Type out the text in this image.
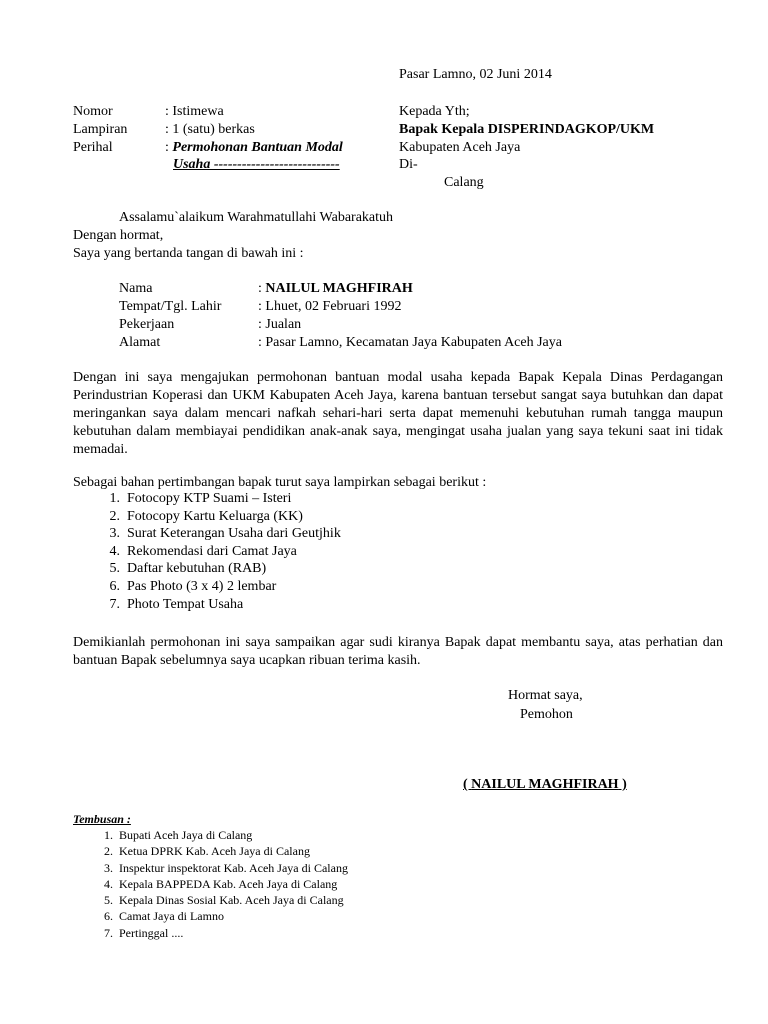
Pasar Lamno, 02 Juni 2014
Nomor	: Istimewa
Lampiran	: 1 (satu) berkas
Perihal	: Permohonan Bantuan Modal
Usaha ---------------------------
Kepada Yth;
Bapak Kepala DISPERINDAGKOP/UKM
Kabupaten Aceh Jaya
Di-
Calang
Assalamu`alaikum Warahmatullahi Wabarakatuh
Dengan hormat,
Saya yang bertanda tangan di bawah ini :
Nama	: NAILUL MAGHFIRAH
Tempat/Tgl. Lahir	: Lhuet, 02 Februari 1992
Pekerjaan	: Jualan
Alamat	: Pasar Lamno, Kecamatan Jaya Kabupaten Aceh Jaya
Dengan ini saya mengajukan permohonan bantuan modal usaha kepada Bapak Kepala Dinas Perdagangan Perindustrian Koperasi dan UKM Kabupaten Aceh Jaya, karena bantuan tersebut sangat saya butuhkan dan dapat meringankan saya dalam mencari nafkah sehari-hari serta dapat memenuhi kebutuhan rumah tangga maupun kebutuhan dalam membiayai pendidikan anak-anak saya, mengingat usaha jualan yang saya tekuni saat ini tidak memadai.
Sebagai bahan pertimbangan bapak turut saya lampirkan sebagai berikut :
1. Fotocopy KTP Suami – Isteri
2. Fotocopy Kartu Keluarga (KK)
3. Surat Keterangan Usaha dari Geutjhik
4. Rekomendasi dari Camat Jaya
5. Daftar kebutuhan (RAB)
6. Pas Photo (3 x 4) 2 lembar
7. Photo Tempat Usaha
Demikianlah permohonan ini saya sampaikan agar sudi kiranya Bapak dapat membantu saya, atas perhatian dan bantuan Bapak sebelumnya saya ucapkan ribuan terima kasih.
Hormat saya,
Pemohon
( NAILUL MAGHFIRAH )
Tembusan :
1. Bupati Aceh Jaya di Calang
2. Ketua DPRK Kab. Aceh Jaya di Calang
3. Inspektur inspektorat Kab. Aceh Jaya di Calang
4. Kepala BAPPEDA Kab. Aceh Jaya di Calang
5. Kepala Dinas Sosial Kab. Aceh Jaya di Calang
6. Camat Jaya di Lamno
7. Pertinggal ....
